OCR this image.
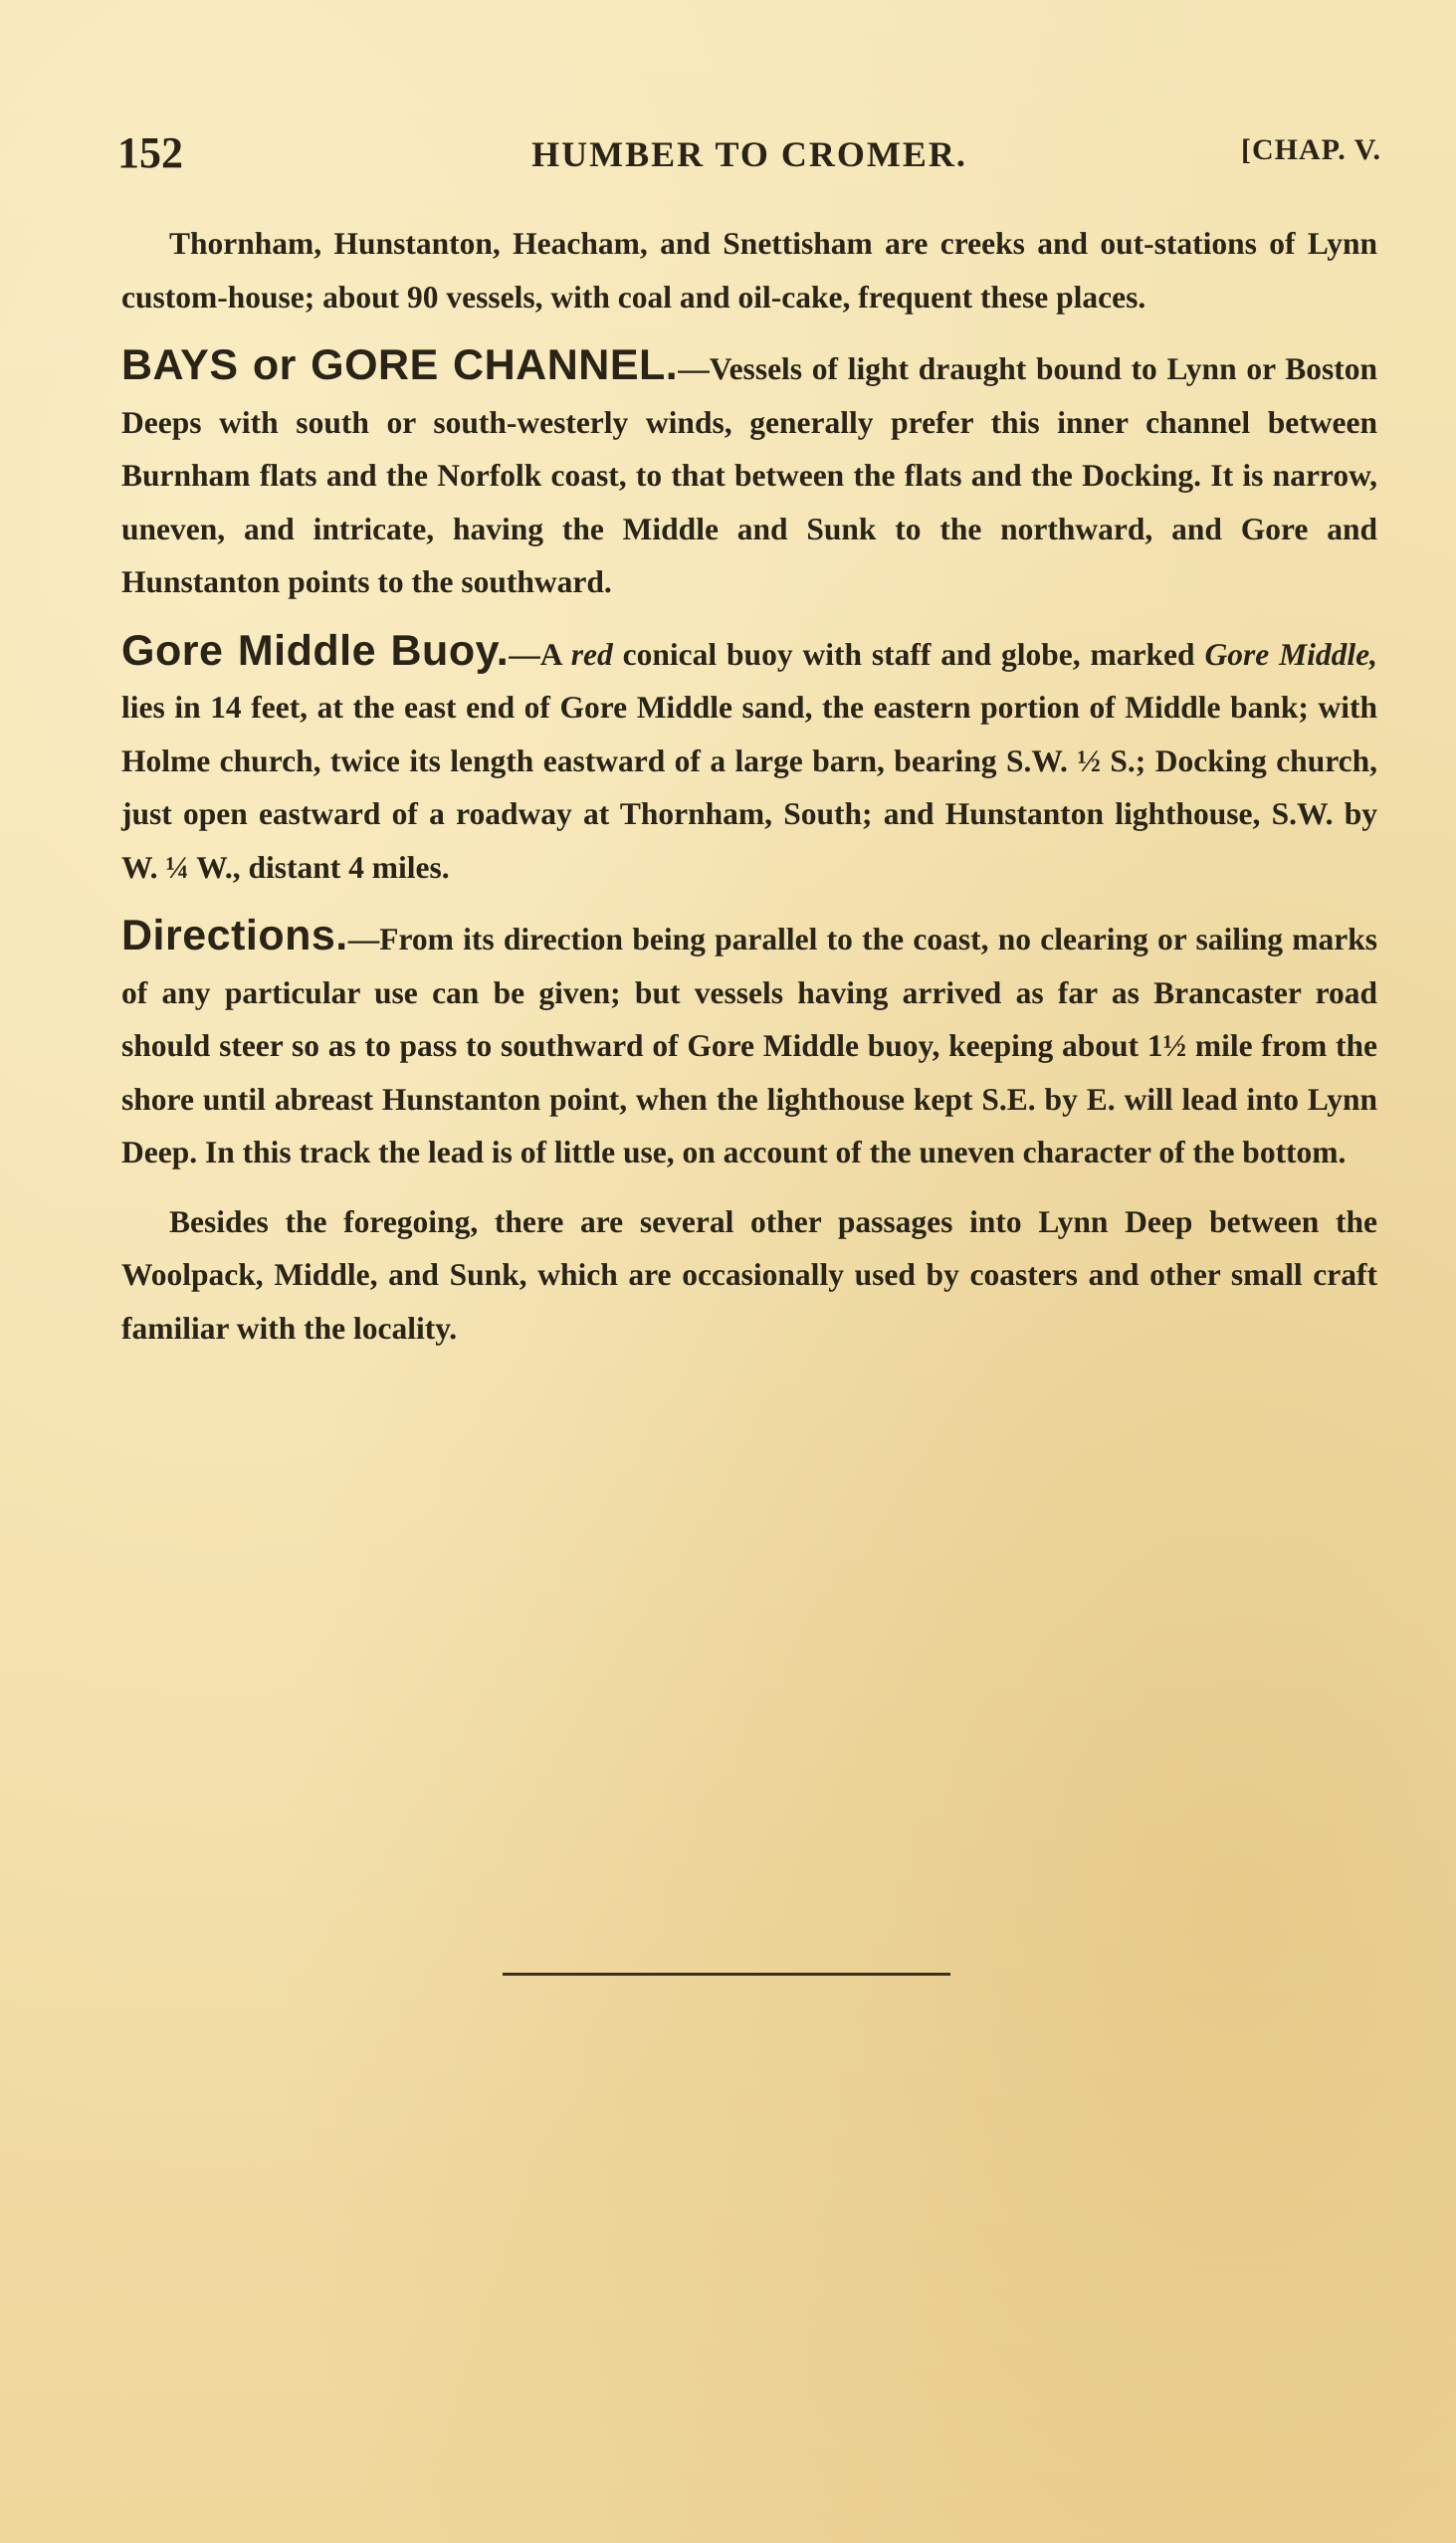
152	HUMBER TO CROMER.	[CHAP. V.

Thornham, Hunstanton, Heacham, and Snettisham are creeks and out-stations of Lynn custom-house; about 90 vessels, with coal and oil-cake, frequent these places.

BAYS or GORE CHANNEL.—Vessels of light draught bound to Lynn or Boston Deeps with south or south-westerly winds, generally prefer this inner channel between Burnham flats and the Norfolk coast, to that between the flats and the Docking. It is narrow, uneven, and intricate, having the Middle and Sunk to the northward, and Gore and Hunstanton points to the southward.

Gore Middle Buoy.—A red conical buoy with staff and globe, marked Gore Middle, lies in 14 feet, at the east end of Gore Middle sand, the eastern portion of Middle bank; with Holme church, twice its length eastward of a large barn, bearing S.W. ½ S.; Docking church, just open eastward of a roadway at Thornham, South; and Hunstanton lighthouse, S.W. by W. ¼ W., distant 4 miles.

Directions.—From its direction being parallel to the coast, no clearing or sailing marks of any particular use can be given; but vessels having arrived as far as Brancaster road should steer so as to pass to southward of Gore Middle buoy, keeping about 1½ mile from the shore until abreast Hunstanton point, when the lighthouse kept S.E. by E. will lead into Lynn Deep. In this track the lead is of little use, on account of the uneven character of the bottom.

Besides the foregoing, there are several other passages into Lynn Deep between the Woolpack, Middle, and Sunk, which are occasionally used by coasters and other small craft familiar with the locality.
